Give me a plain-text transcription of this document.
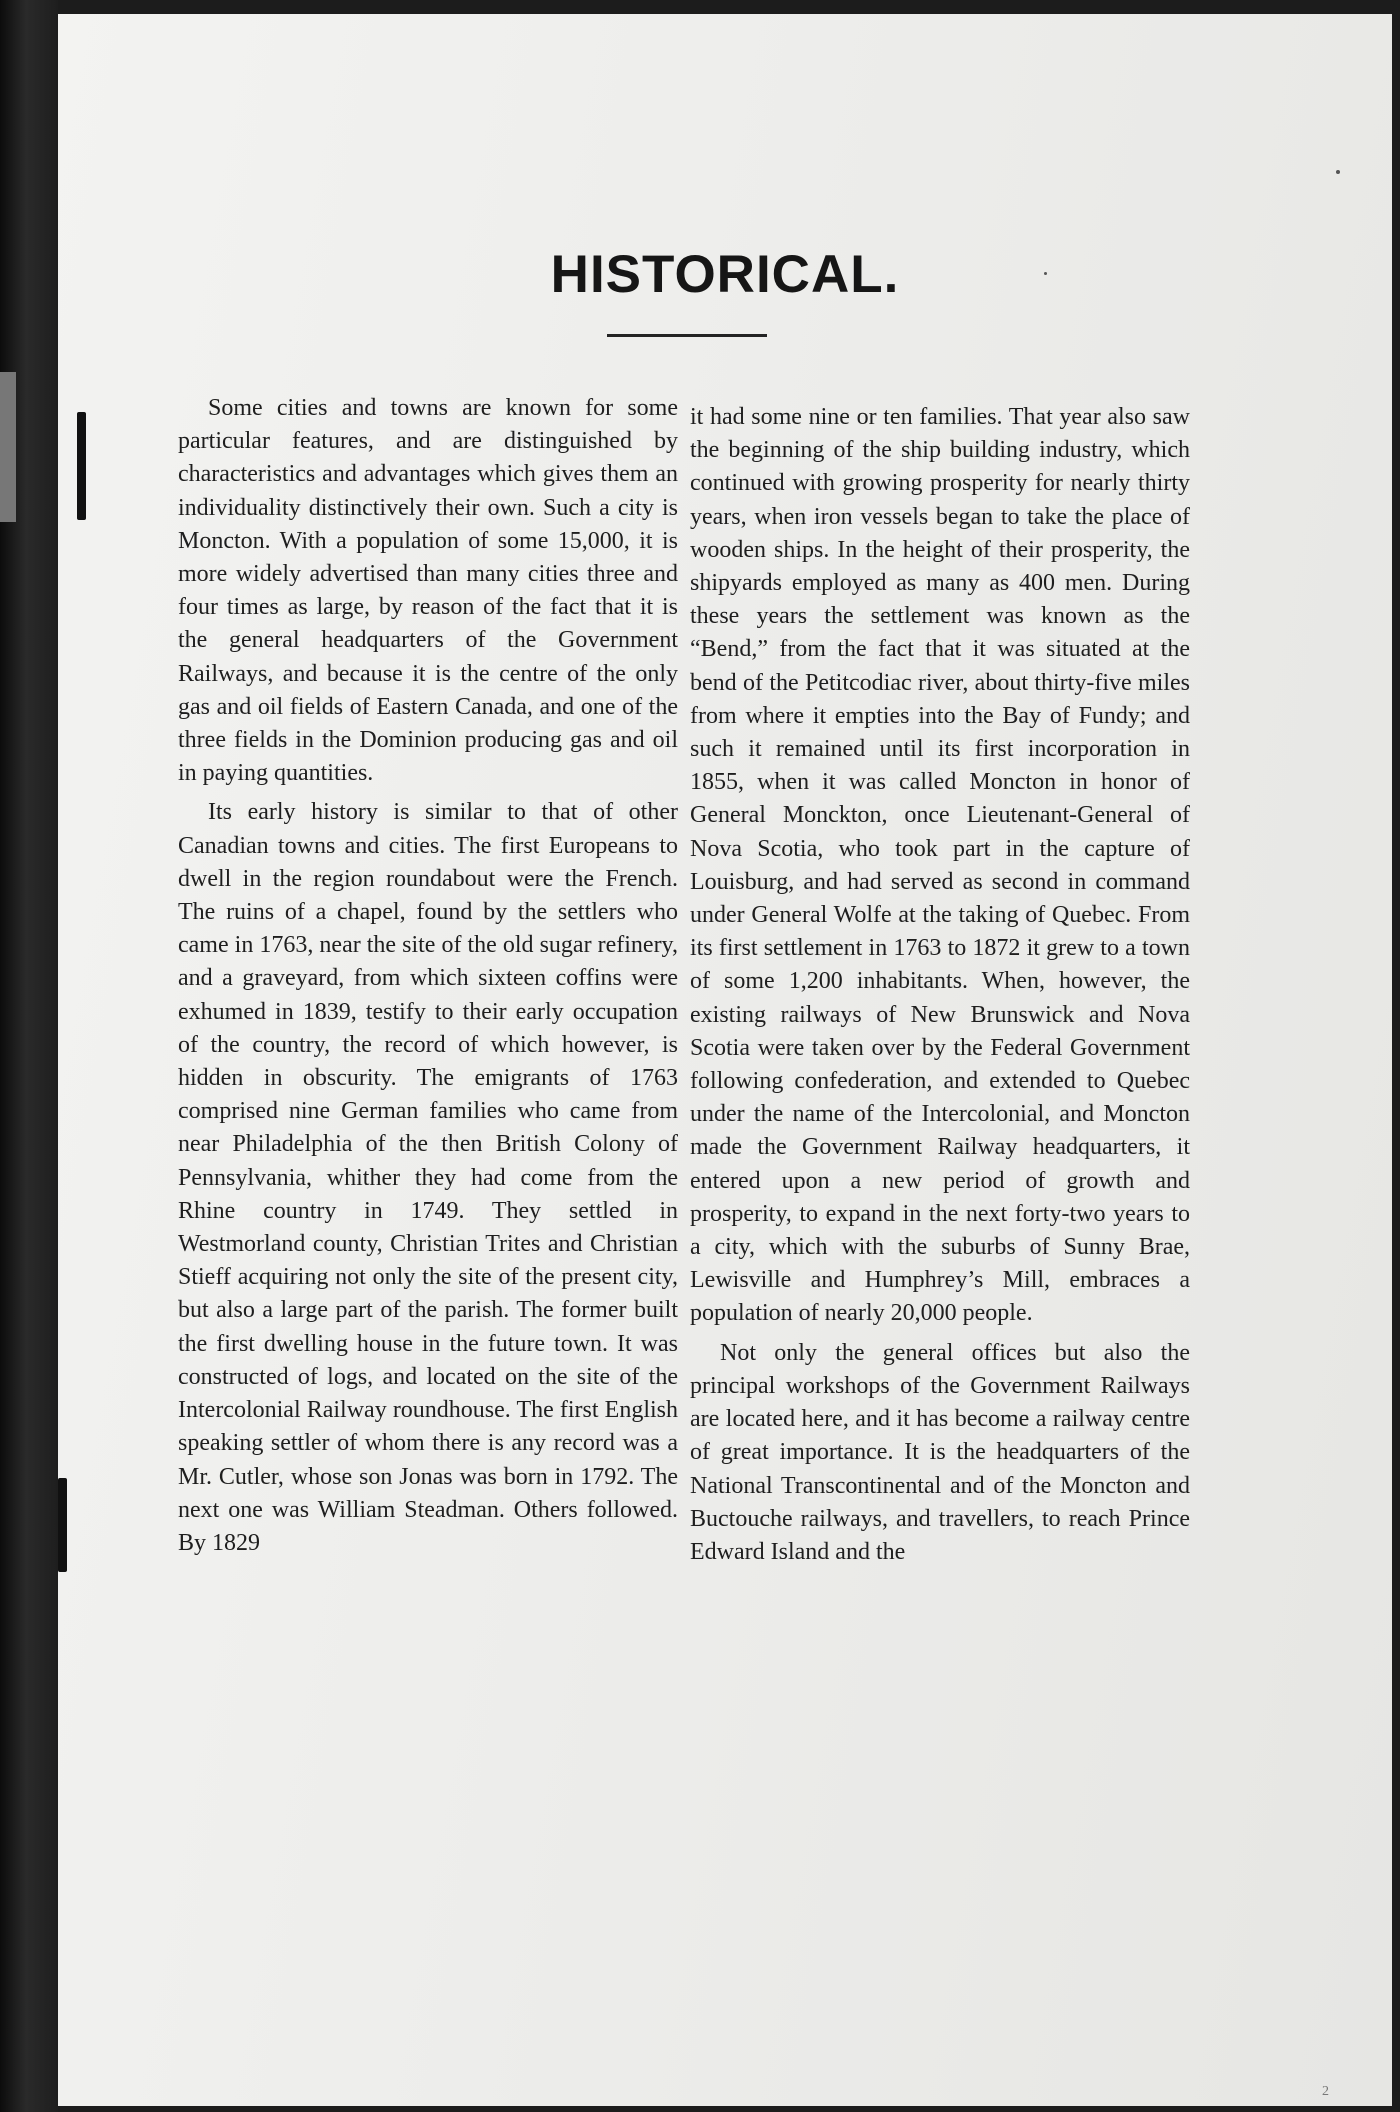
HISTORICAL.

Some cities and towns are known for some particular features, and are distinguished by characteristics and advantages which gives them an individuality distinctively their own. Such a city is Moncton. With a population of some 15,000, it is more widely advertised than many cities three and four times as large, by reason of the fact that it is the general headquarters of the Government Railways, and because it is the centre of the only gas and oil fields of Eastern Canada, and one of the three fields in the Dominion producing gas and oil in paying quantities.

Its early history is similar to that of other Canadian towns and cities. The first Europeans to dwell in the region roundabout were the French. The ruins of a chapel, found by the settlers who came in 1763, near the site of the old sugar refinery, and a graveyard, from which sixteen coffins were exhumed in 1839, testify to their early occupation of the country, the record of which however, is hidden in obscurity. The emigrants of 1763 comprised nine German families who came from near Philadelphia of the then British Colony of Pennsylvania, whither they had come from the Rhine country in 1749. They settled in Westmorland county, Christian Trites and Christian Stieff acquiring not only the site of the present city, but also a large part of the parish. The former built the first dwelling house in the future town. It was constructed of logs, and located on the site of the Intercolonial Railway roundhouse. The first English speaking settler of whom there is any record was a Mr. Cutler, whose son Jonas was born in 1792. The next one was William Steadman. Others followed. By 1829

it had some nine or ten families. That year also saw the beginning of the ship building industry, which continued with growing prosperity for nearly thirty years, when iron vessels began to take the place of wooden ships. In the height of their prosperity, the shipyards employed as many as 400 men. During these years the settlement was known as the “Bend,” from the fact that it was situated at the bend of the Petitcodiac river, about thirty-five miles from where it empties into the Bay of Fundy; and such it remained until its first incorporation in 1855, when it was called Moncton in honor of General Monckton, once Lieutenant-General of Nova Scotia, who took part in the capture of Louisburg, and had served as second in command under General Wolfe at the taking of Quebec. From its first settlement in 1763 to 1872 it grew to a town of some 1,200 inhabitants. When, however, the existing railways of New Brunswick and Nova Scotia were taken over by the Federal Government following confederation, and extended to Quebec under the name of the Intercolonial, and Moncton made the Government Railway headquarters, it entered upon a new period of growth and prosperity, to expand in the next forty-two years to a city, which with the suburbs of Sunny Brae, Lewisville and Humphrey’s Mill, embraces a population of nearly 20,000 people.

Not only the general offices but also the principal workshops of the Government Railways are located here, and it has become a railway centre of great importance. It is the headquarters of the National Transcontinental and of the Moncton and Buctouche railways, and travellers, to reach Prince Edward Island and the

2
